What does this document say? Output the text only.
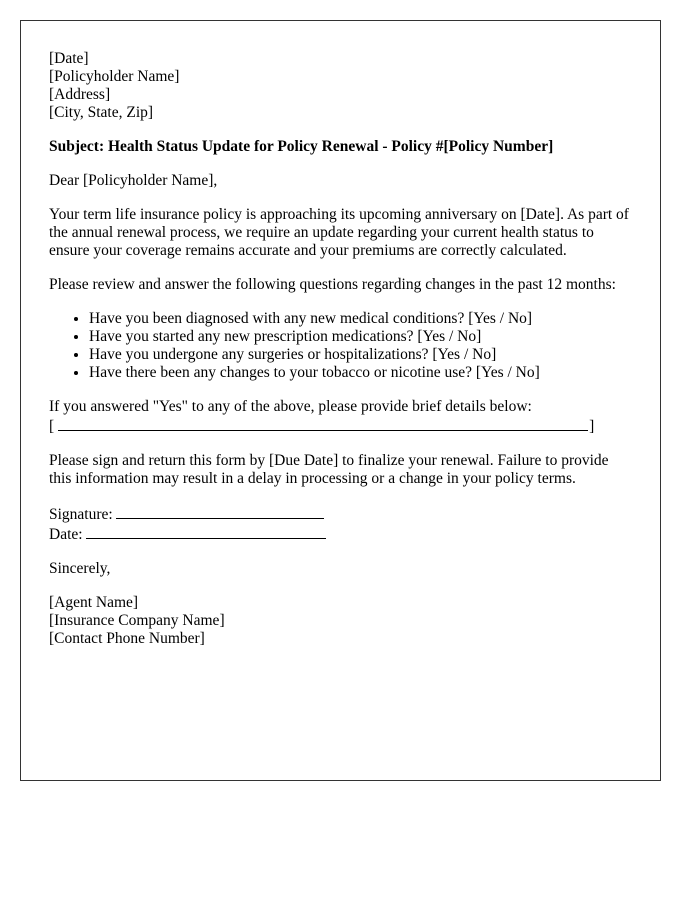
[Date]
[Policyholder Name]
[Address]
[City, State, Zip]

Subject: Health Status Update for Policy Renewal - Policy #[Policy Number]

Dear [Policyholder Name],

Your term life insurance policy is approaching its upcoming anniversary on [Date]. As part of the annual renewal process, we require an update regarding your current health status to ensure your coverage remains accurate and your premiums are correctly calculated.

Please review and answer the following questions regarding changes in the past 12 months:

• Have you been diagnosed with any new medical conditions? [Yes / No]
• Have you started any new prescription medications? [Yes / No]
• Have you undergone any surgeries or hospitalizations? [Yes / No]
• Have there been any changes to your tobacco or nicotine use? [Yes / No]

If you answered "Yes" to any of the above, please provide brief details below:
[	]

Please sign and return this form by [Due Date] to finalize your renewal. Failure to provide this information may result in a delay in processing or a change in your policy terms.

Signature:
Date:

Sincerely,

[Agent Name]
[Insurance Company Name]
[Contact Phone Number]
